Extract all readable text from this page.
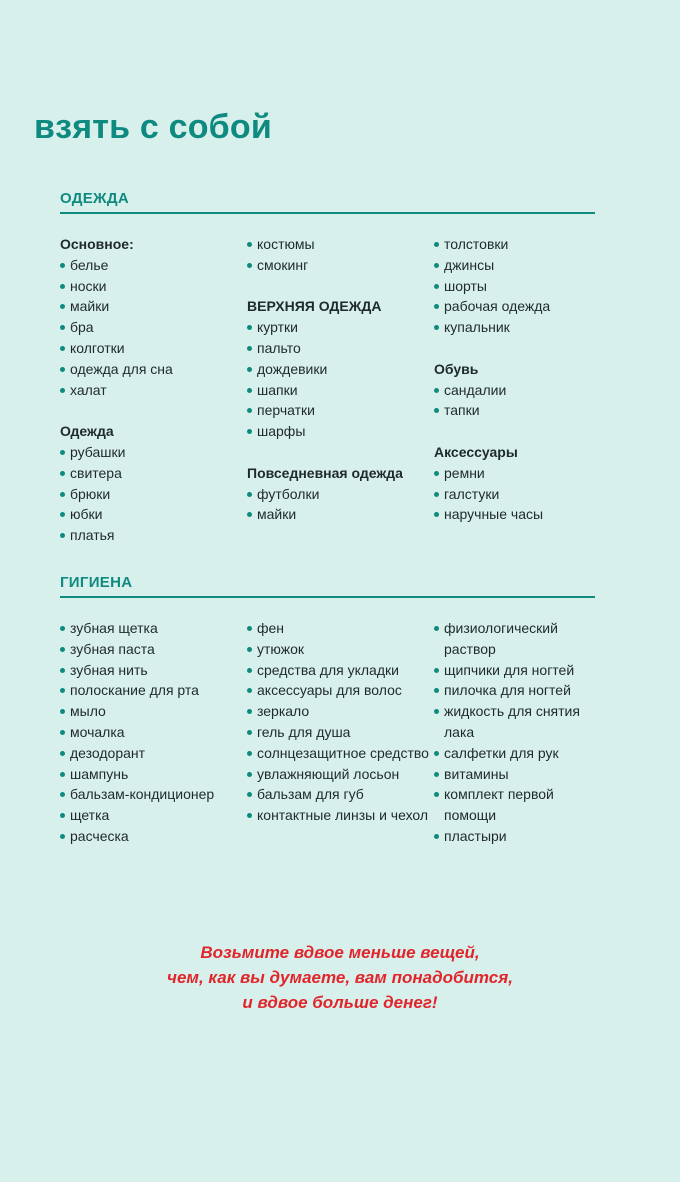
взять с собой
ОДЕЖДА
Основное:
белье
носки
майки
бра
колготки
одежда для сна
халат
Одежда
рубашки
свитера
брюки
юбки
платья
костюмы
смокинг
ВЕРХНЯЯ ОДЕЖДА
куртки
пальто
дождевики
шапки
перчатки
шарфы
Повседневная одежда
футболки
майки
толстовки
джинсы
шорты
рабочая одежда
купальник
Обувь
сандалии
тапки
Аксессуары
ремни
галстуки
наручные часы
ГИГИЕНА
зубная щетка
зубная паста
зубная нить
полоскание для рта
мыло
мочалка
дезодорант
шампунь
бальзам-кондиционер
щетка
расческа
фен
утюжок
средства для укладки
аксессуары для волос
зеркало
гель для душа
солнцезащитное средство
увлажняющий лосьон
бальзам для губ
контактные линзы и чехол
физиологический раствор
щипчики для ногтей
пилочка для ногтей
жидкость для снятия лака
салфетки для рук
витамины
комплект первой помощи
пластыри
Возьмите вдвое меньше вещей,
чем, как вы думаете, вам понадобится,
и вдвое больше денег!
